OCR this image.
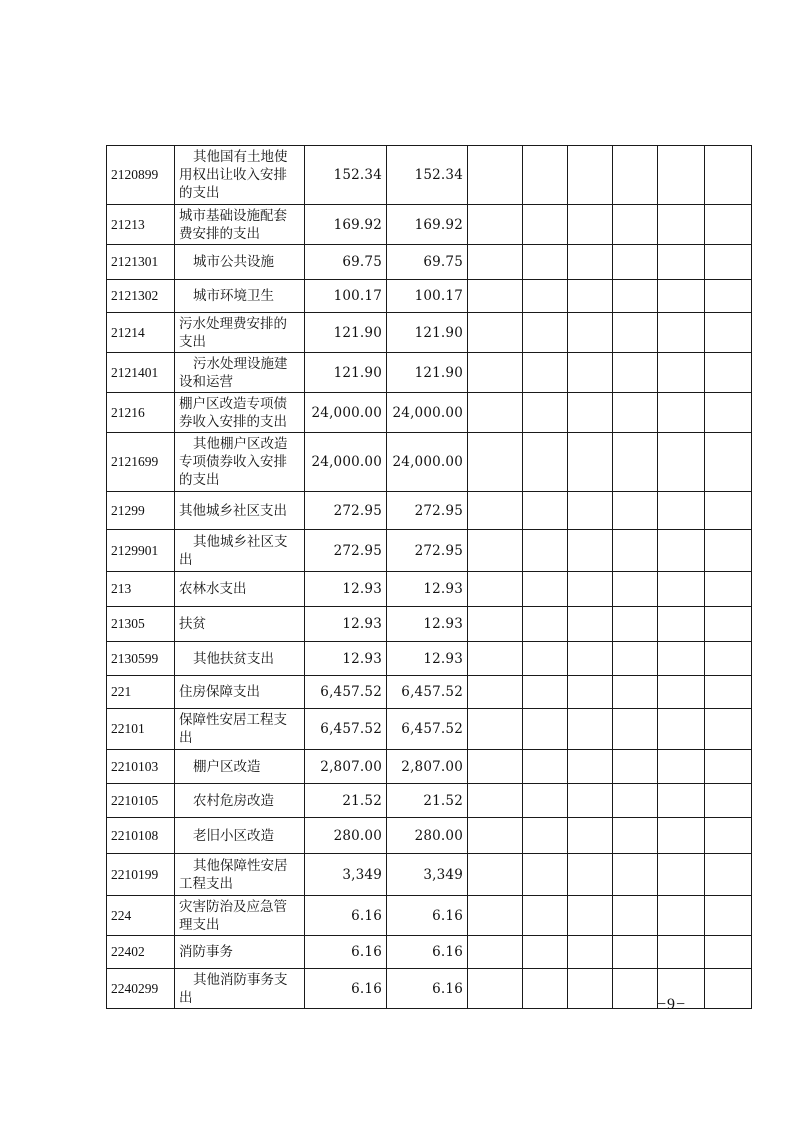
2120899	其他国有土地使用权出让收入安排的支出	152.34	152.34						
21213	城市基础设施配套费安排的支出	169.92	169.92						
2121301	城市公共设施	69.75	69.75						
2121302	城市环境卫生	100.17	100.17						
21214	污水处理费安排的支出	121.90	121.90						
2121401	污水处理设施建设和运营	121.90	121.90						
21216	棚户区改造专项债券收入安排的支出	24,000.00	24,000.00						
2121699	其他棚户区改造专项债券收入安排的支出	24,000.00	24,000.00						
21299	其他城乡社区支出	272.95	272.95						
2129901	其他城乡社区支出	272.95	272.95						
213	农林水支出	12.93	12.93						
21305	扶贫	12.93	12.93						
2130599	其他扶贫支出	12.93	12.93						
221	住房保障支出	6,457.52	6,457.52						
22101	保障性安居工程支出	6,457.52	6,457.52						
2210103	棚户区改造	2,807.00	2,807.00						
2210105	农村危房改造	21.52	21.52						
2210108	老旧小区改造	280.00	280.00						
2210199	其他保障性安居工程支出	3,349	3,349						
224	灾害防治及应急管理支出	6.16	6.16						
22402	消防事务	6.16	6.16						
2240299	其他消防事务支出	6.16	6.16						
−9−
